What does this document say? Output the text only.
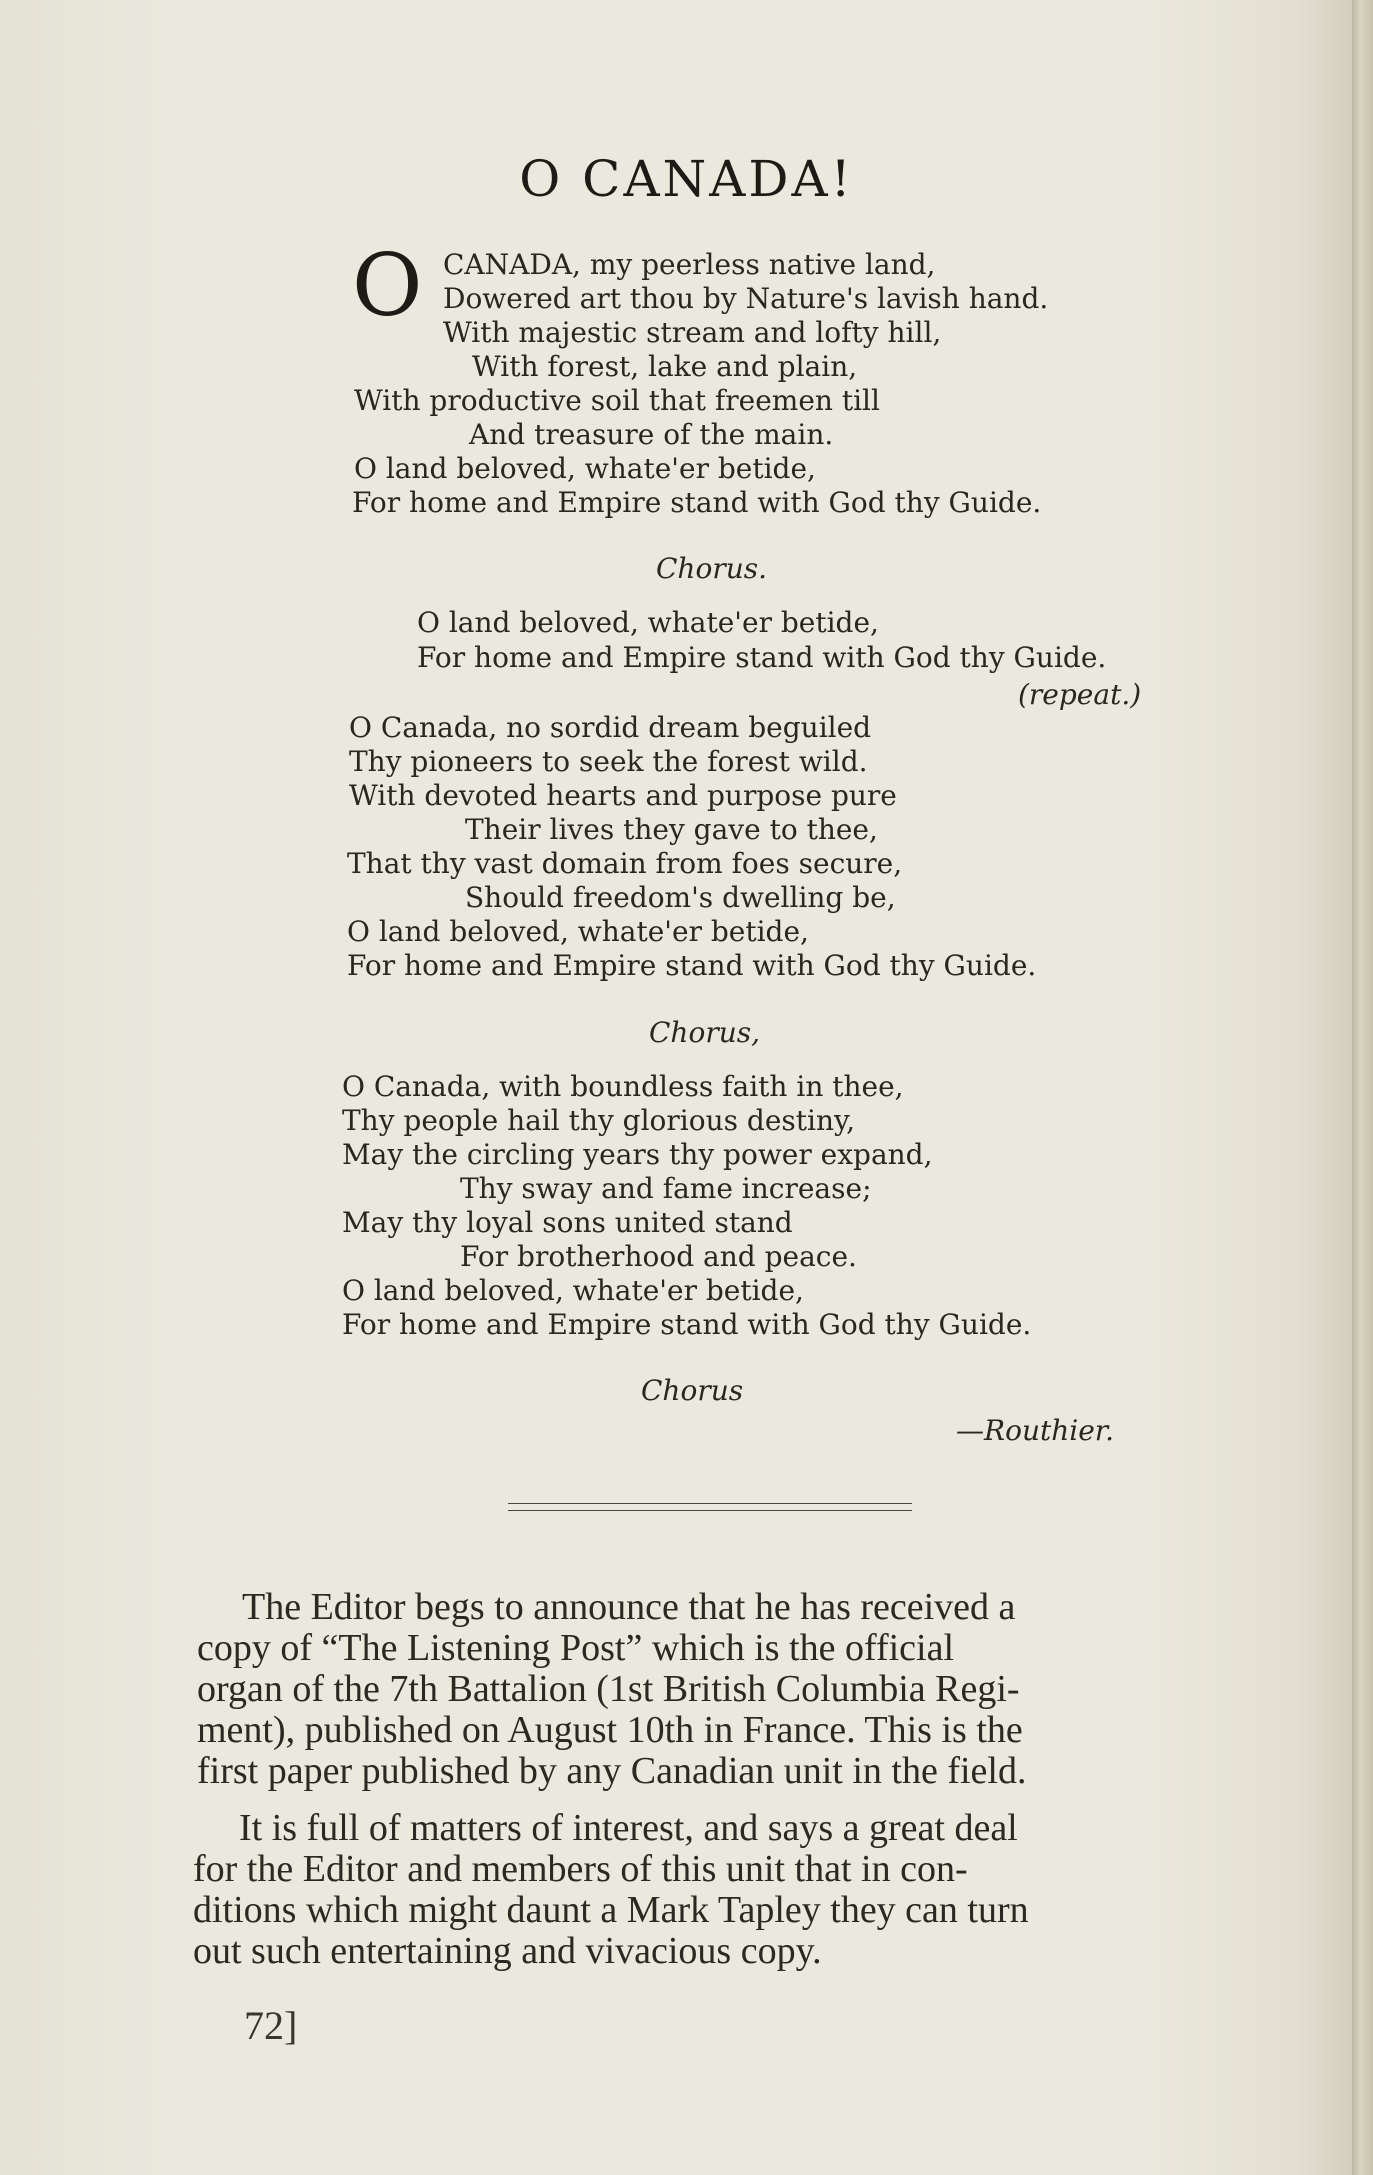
O CANADA!
O CANADA, my peerless native land,
Dowered art thou by Nature's lavish hand.
With majestic stream and lofty hill,
With forest, lake and plain,
With productive soil that freemen till
And treasure of the main.
O land beloved, whate'er betide,
For home and Empire stand with God thy Guide.
Chorus.
O land beloved, whate'er betide,
For home and Empire stand with God thy Guide.
(repeat.)
O Canada, no sordid dream beguiled
Thy pioneers to seek the forest wild.
With devoted hearts and purpose pure
Their lives they gave to thee,
That thy vast domain from foes secure,
Should freedom's dwelling be,
O land beloved, whate'er betide,
For home and Empire stand with God thy Guide.
Chorus,
O Canada, with boundless faith in thee,
Thy people hail thy glorious destiny,
May the circling years thy power expand,
Thy sway and fame increase;
May thy loyal sons united stand
For brotherhood and peace.
O land beloved, whate'er betide,
For home and Empire stand with God thy Guide.
Chorus
—Routhier.
The Editor begs to announce that he has received a
copy of “The Listening Post” which is the official
organ of the 7th Battalion (1st British Columbia Regi-
ment), published on August 10th in France. This is the
first paper published by any Canadian unit in the field.
It is full of matters of interest, and says a great deal
for the Editor and members of this unit that in con-
ditions which might daunt a Mark Tapley they can turn
out such entertaining and vivacious copy.
72]
